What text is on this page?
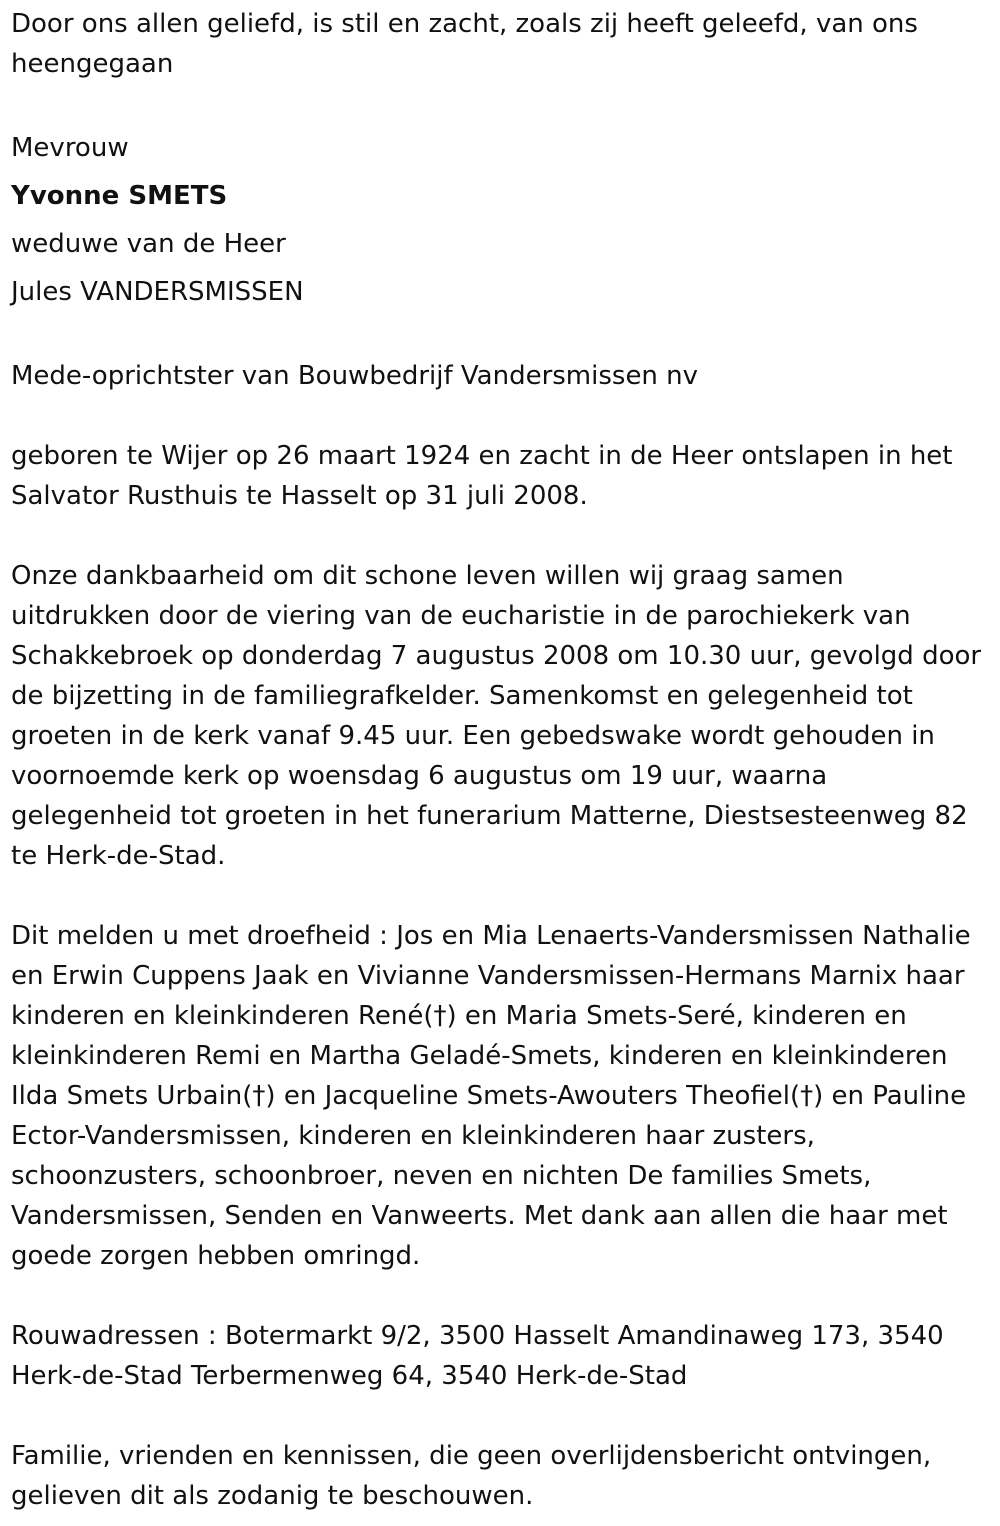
Door ons allen geliefd, is stil en zacht, zoals zij heeft geleefd, van ons heengegaan

Mevrouw

Yvonne SMETS

weduwe van de Heer

Jules VANDERSMISSEN

Mede-oprichtster van Bouwbedrijf Vandersmissen nv

geboren te Wijer op 26 maart 1924 en zacht in de Heer ontslapen in het Salvator Rusthuis te Hasselt op 31 juli 2008.

Onze dankbaarheid om dit schone leven willen wij graag samen uitdrukken door de viering van de eucharistie in de parochiekerk van Schakkebroek op donderdag 7 augustus 2008 om 10.30 uur, gevolgd door de bijzetting in de familiegrafkelder. Samenkomst en gelegenheid tot groeten in de kerk vanaf 9.45 uur. Een gebedswake wordt gehouden in voornoemde kerk op woensdag 6 augustus om 19 uur, waarna gelegenheid tot groeten in het funerarium Matterne, Diestsesteenweg 82 te Herk-de-Stad.

Dit melden u met droefheid : Jos en Mia Lenaerts-Vandersmissen Nathalie en Erwin Cuppens Jaak en Vivianne Vandersmissen-Hermans Marnix haar kinderen en kleinkinderen René(†) en Maria Smets-Seré, kinderen en kleinkinderen Remi en Martha Geladé-Smets, kinderen en kleinkinderen Ilda Smets Urbain(†) en Jacqueline Smets-Awouters Theofiel(†) en Pauline Ector-Vandersmissen, kinderen en kleinkinderen haar zusters, schoonzusters, schoonbroer, neven en nichten De families Smets, Vandersmissen, Senden en Vanweerts. Met dank aan allen die haar met goede zorgen hebben omringd.

Rouwadressen : Botermarkt 9/2, 3500 Hasselt Amandinaweg 173, 3540 Herk-de-Stad Terbermenweg 64, 3540 Herk-de-Stad

Familie, vrienden en kennissen, die geen overlijdensbericht ontvingen, gelieven dit als zodanig te beschouwen.
